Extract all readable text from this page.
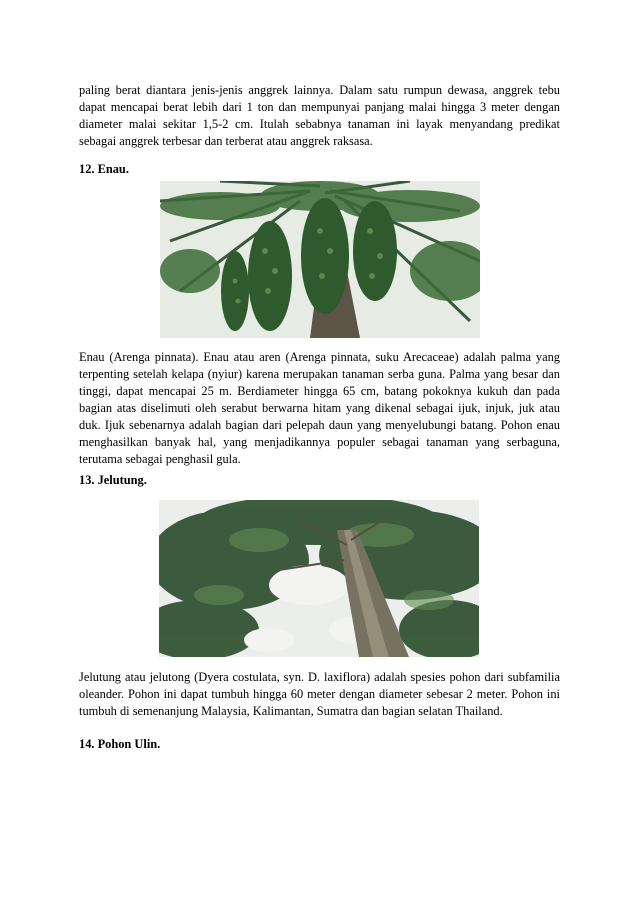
paling berat diantara jenis-jenis anggrek lainnya. Dalam satu rumpun dewasa, anggrek tebu dapat mencapai berat lebih dari 1 ton dan mempunyai panjang malai hingga 3 meter dengan diameter malai sekitar 1,5-2 cm. Itulah sebabnya tanaman ini layak menyandang predikat sebagai anggrek terbesar dan terberat atau anggrek raksasa.

12. Enau.

Enau (Arenga pinnata). Enau atau aren (Arenga pinnata, suku Arecaceae) adalah palma yang terpenting setelah kelapa (nyiur) karena merupakan tanaman serba guna. Palma yang besar dan tinggi, dapat mencapai 25 m. Berdiameter hingga 65 cm, batang pokoknya kukuh dan pada bagian atas diselimuti oleh serabut berwarna hitam yang dikenal sebagai ijuk, injuk, juk atau duk. Ijuk sebenarnya adalah bagian dari pelepah daun yang menyelubungi batang. Pohon enau menghasilkan banyak hal, yang menjadikannya populer sebagai tanaman yang serbaguna, terutama sebagai penghasil gula.

13. Jelutung.

Jelutung atau jelutong (Dyera costulata, syn. D. laxiflora) adalah spesies pohon dari subfamilia oleander. Pohon ini dapat tumbuh hingga 60 meter dengan diameter sebesar 2 meter. Pohon ini tumbuh di semenanjung Malaysia, Kalimantan, Sumatra dan bagian selatan Thailand.

14. Pohon Ulin.
